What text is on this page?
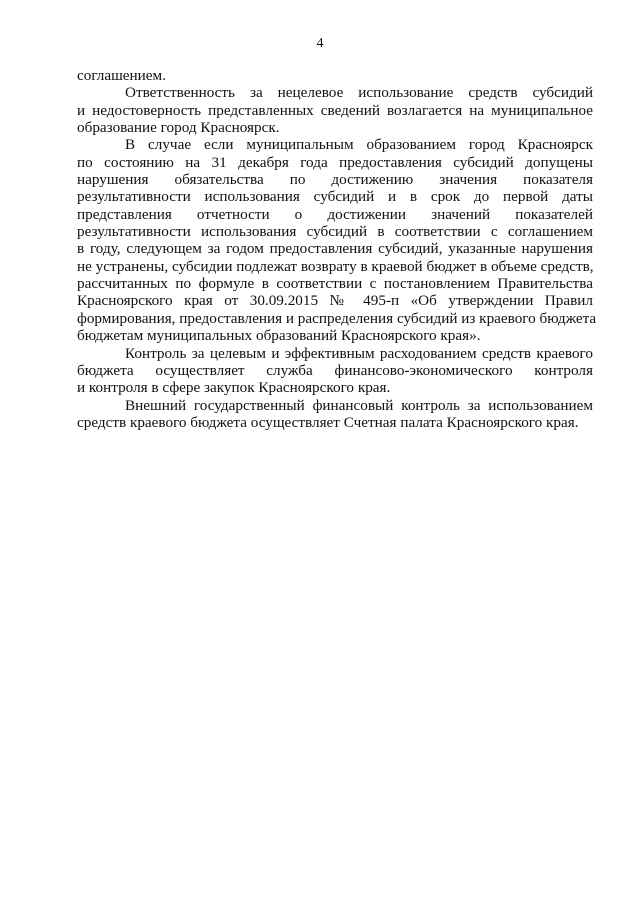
4
соглашением.
Ответственность за нецелевое использование средств субсидий
и недостоверность представленных сведений возлагается на муниципальное
образование город Красноярск.
В случае если муниципальным образованием город Красноярск
по состоянию на 31 декабря года предоставления субсидий допущены
нарушения обязательства по достижению значения показателя
результативности использования субсидий и в срок до первой даты
представления отчетности о достижении значений показателей
результативности использования субсидий в соответствии с соглашением
в году, следующем за годом предоставления субсидий, указанные нарушения
не устранены, субсидии подлежат возврату в краевой бюджет в объеме средств,
рассчитанных по формуле в соответствии с постановлением Правительства
Красноярского края от 30.09.2015 № 495-п «Об утверждении Правил
формирования, предоставления и распределения субсидий из краевого бюджета
бюджетам муниципальных образований Красноярского края».
Контроль за целевым и эффективным расходованием средств краевого
бюджета осуществляет служба финансово-экономического контроля
и контроля в сфере закупок Красноярского края.
Внешний государственный финансовый контроль за использованием
средств краевого бюджета осуществляет Счетная палата Красноярского края.
